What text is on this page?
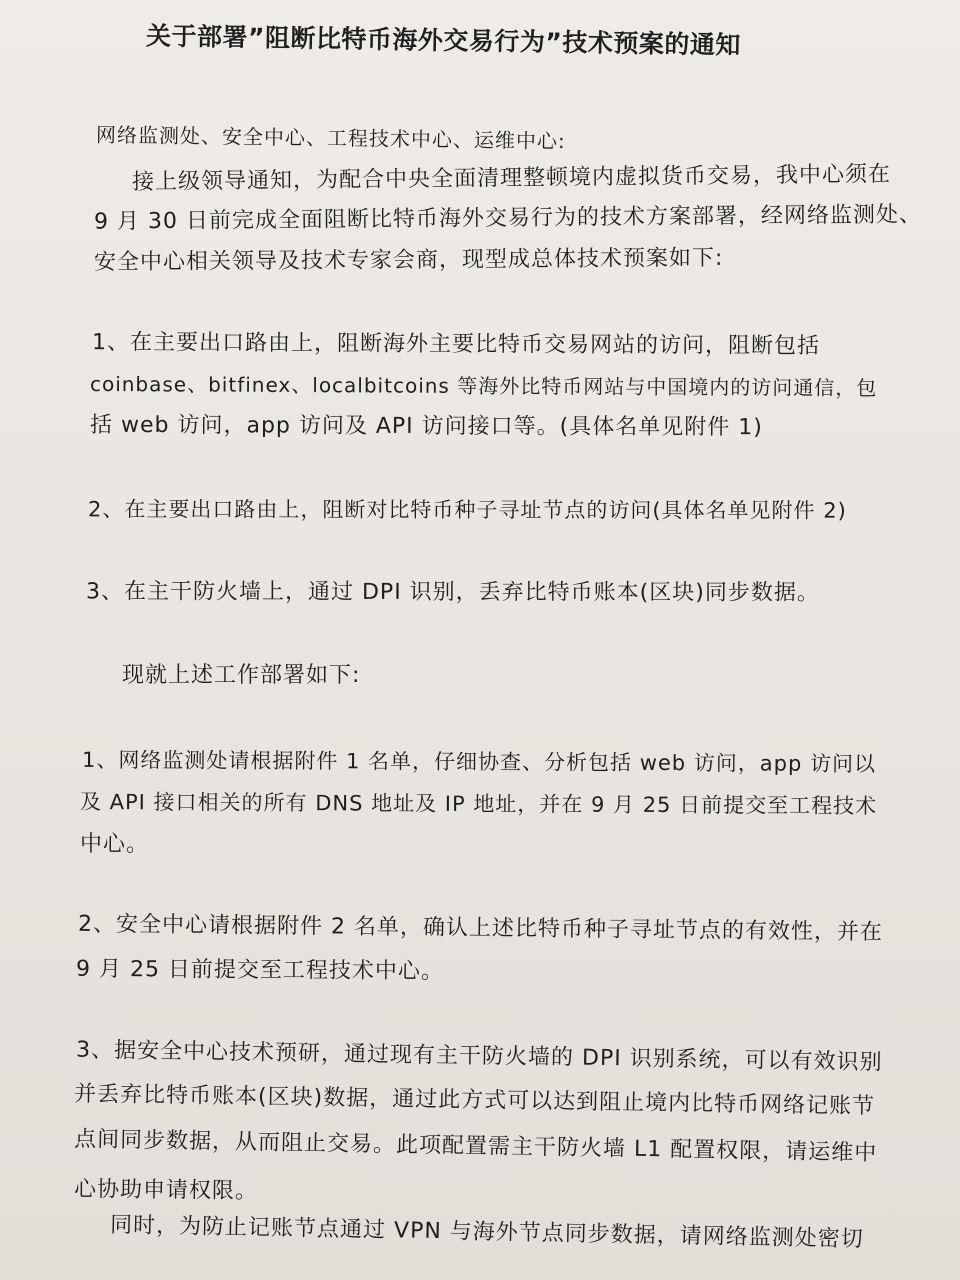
关于部署”阻断比特币海外交易行为”技术预案的通知
网络监测处、安全中心、工程技术中心、运维中心:
接上级领导通知，为配合中央全面清理整顿境内虚拟货币交易，我中心须在
9 月 30 日前完成全面阻断比特币海外交易行为的技术方案部署，经网络监测处、
安全中心相关领导及技术专家会商，现型成总体技术预案如下:
1、在主要出口路由上，阻断海外主要比特币交易网站的访问，阻断包括
coinbase、bitfinex、localbitcoins 等海外比特币网站与中国境内的访问通信，包
括 web 访问，app 访问及 API 访问接口等。(具体名单见附件 1)
2、在主要出口路由上，阻断对比特币种子寻址节点的访问(具体名单见附件 2)
3、在主干防火墙上，通过 DPI 识别，丢弃比特币账本(区块)同步数据。
现就上述工作部署如下:
1、网络监测处请根据附件 1 名单，仔细协查、分析包括 web 访问，app 访问以
及 API 接口相关的所有 DNS 地址及 IP 地址，并在 9 月 25 日前提交至工程技术
中心。
2、安全中心请根据附件 2 名单，确认上述比特币种子寻址节点的有效性，并在
9 月 25 日前提交至工程技术中心。
3、据安全中心技术预研，通过现有主干防火墙的 DPI 识别系统，可以有效识别
并丢弃比特币账本(区块)数据，通过此方式可以达到阻止境内比特币网络记账节
点间同步数据，从而阻止交易。此项配置需主干防火墙 L1 配置权限，请运维中
心协助申请权限。
同时，为防止记账节点通过 VPN 与海外节点同步数据，请网络监测处密切
